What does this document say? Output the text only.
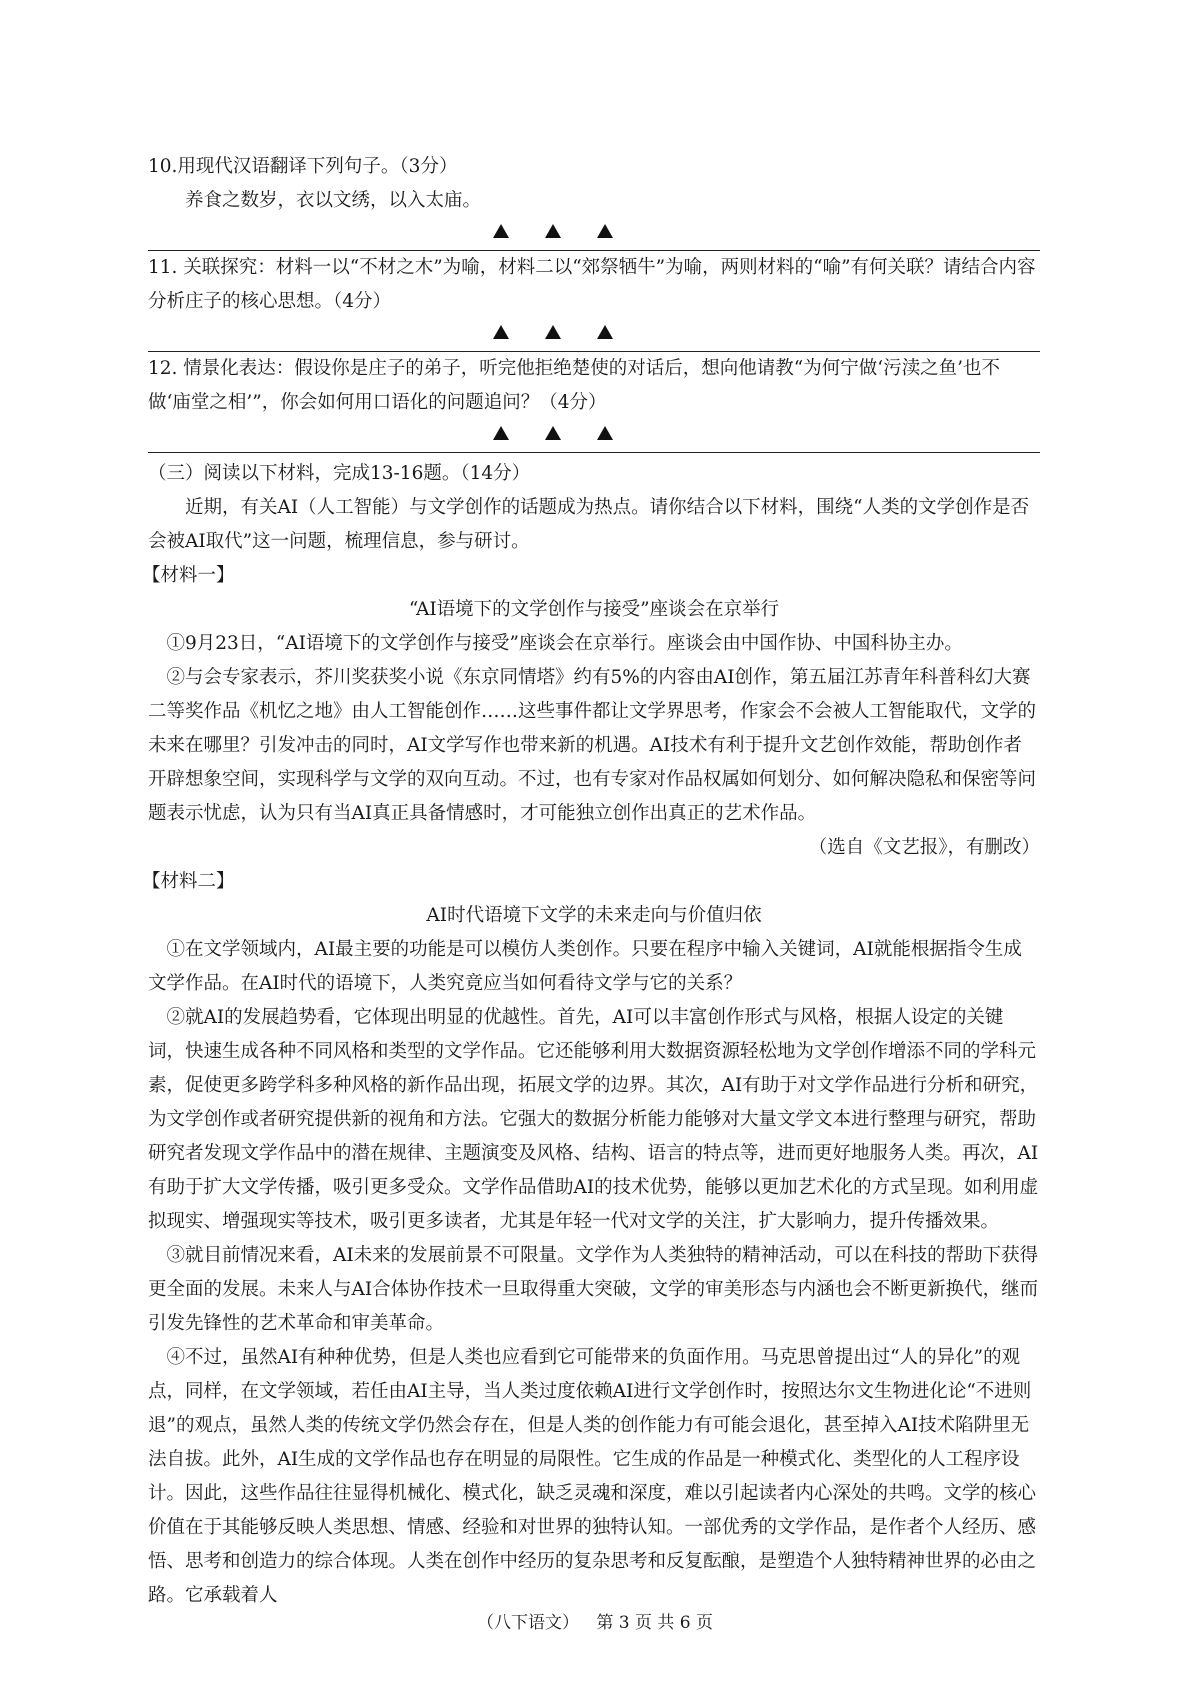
10.用现代汉语翻译下列句子。（3分）

养食之数岁，衣以文绣，以入太庙。

11. 关联探究：材料一以“不材之木”为喻，材料二以“郊祭牺牛”为喻，两则材料的“喻”有何关联？请结合内容分析庄子的核心思想。（4分）

12. 情景化表达：假设你是庄子的弟子，听完他拒绝楚使的对话后，想向他请教“为何宁做‘污渎之鱼’也不做‘庙堂之相’”，你会如何用口语化的问题追问？（4分）

（三）阅读以下材料，完成13-16题。（14分）

近期，有关AI（人工智能）与文学创作的话题成为热点。请你结合以下材料，围绕“人类的文学创作是否会被AI取代”这一问题，梳理信息，参与研讨。

【材料一】

“AI语境下的文学创作与接受”座谈会在京举行

①9月23日，“AI语境下的文学创作与接受”座谈会在京举行。座谈会由中国作协、中国科协主办。

②与会专家表示，芥川奖获奖小说《东京同情塔》约有5%的内容由AI创作，第五届江苏青年科普科幻大赛二等奖作品《机忆之地》由人工智能创作……这些事件都让文学界思考，作家会不会被人工智能取代，文学的未来在哪里？引发冲击的同时，AI文学写作也带来新的机遇。AI技术有利于提升文艺创作效能，帮助创作者开辟想象空间，实现科学与文学的双向互动。不过，也有专家对作品权属如何划分、如何解决隐私和保密等问题表示忧虑，认为只有当AI真正具备情感时，才可能独立创作出真正的艺术作品。

（选自《文艺报》，有删改）

【材料二】

AI时代语境下文学的未来走向与价值归依

①在文学领域内，AI最主要的功能是可以模仿人类创作。只要在程序中输入关键词，AI就能根据指令生成文学作品。在AI时代的语境下，人类究竟应当如何看待文学与它的关系？

②就AI的发展趋势看，它体现出明显的优越性。首先，AI可以丰富创作形式与风格，根据人设定的关键词，快速生成各种不同风格和类型的文学作品。它还能够利用大数据资源轻松地为文学创作增添不同的学科元素，促使更多跨学科多种风格的新作品出现，拓展文学的边界。其次，AI有助于对文学作品进行分析和研究，为文学创作或者研究提供新的视角和方法。它强大的数据分析能力能够对大量文学文本进行整理与研究，帮助研究者发现文学作品中的潜在规律、主题演变及风格、结构、语言的特点等，进而更好地服务人类。再次，AI有助于扩大文学传播，吸引更多受众。文学作品借助AI的技术优势，能够以更加艺术化的方式呈现。如利用虚拟现实、增强现实等技术，吸引更多读者，尤其是年轻一代对文学的关注，扩大影响力，提升传播效果。

③就目前情况来看，AI未来的发展前景不可限量。文学作为人类独特的精神活动，可以在科技的帮助下获得更全面的发展。未来人与AI合体协作技术一旦取得重大突破，文学的审美形态与内涵也会不断更新换代，继而引发先锋性的艺术革命和审美革命。

④不过，虽然AI有种种优势，但是人类也应看到它可能带来的负面作用。马克思曾提出过“人的异化”的观点，同样，在文学领域，若任由AI主导，当人类过度依赖AI进行文学创作时，按照达尔文生物进化论“不进则退”的观点，虽然人类的传统文学仍然会存在，但是人类的创作能力有可能会退化，甚至掉入AI技术陷阱里无法自拔。此外，AI生成的文学作品也存在明显的局限性。它生成的作品是一种模式化、类型化的人工程序设计。因此，这些作品往往显得机械化、模式化，缺乏灵魂和深度，难以引起读者内心深处的共鸣。文学的核心价值在于其能够反映人类思想、情感、经验和对世界的独特认知。一部优秀的文学作品，是作者个人经历、感悟、思考和创造力的综合体现。人类在创作中经历的复杂思考和反复酝酿，是塑造个人独特精神世界的必由之路。它承载着人

（八下语文） 第 3 页 共 6 页
